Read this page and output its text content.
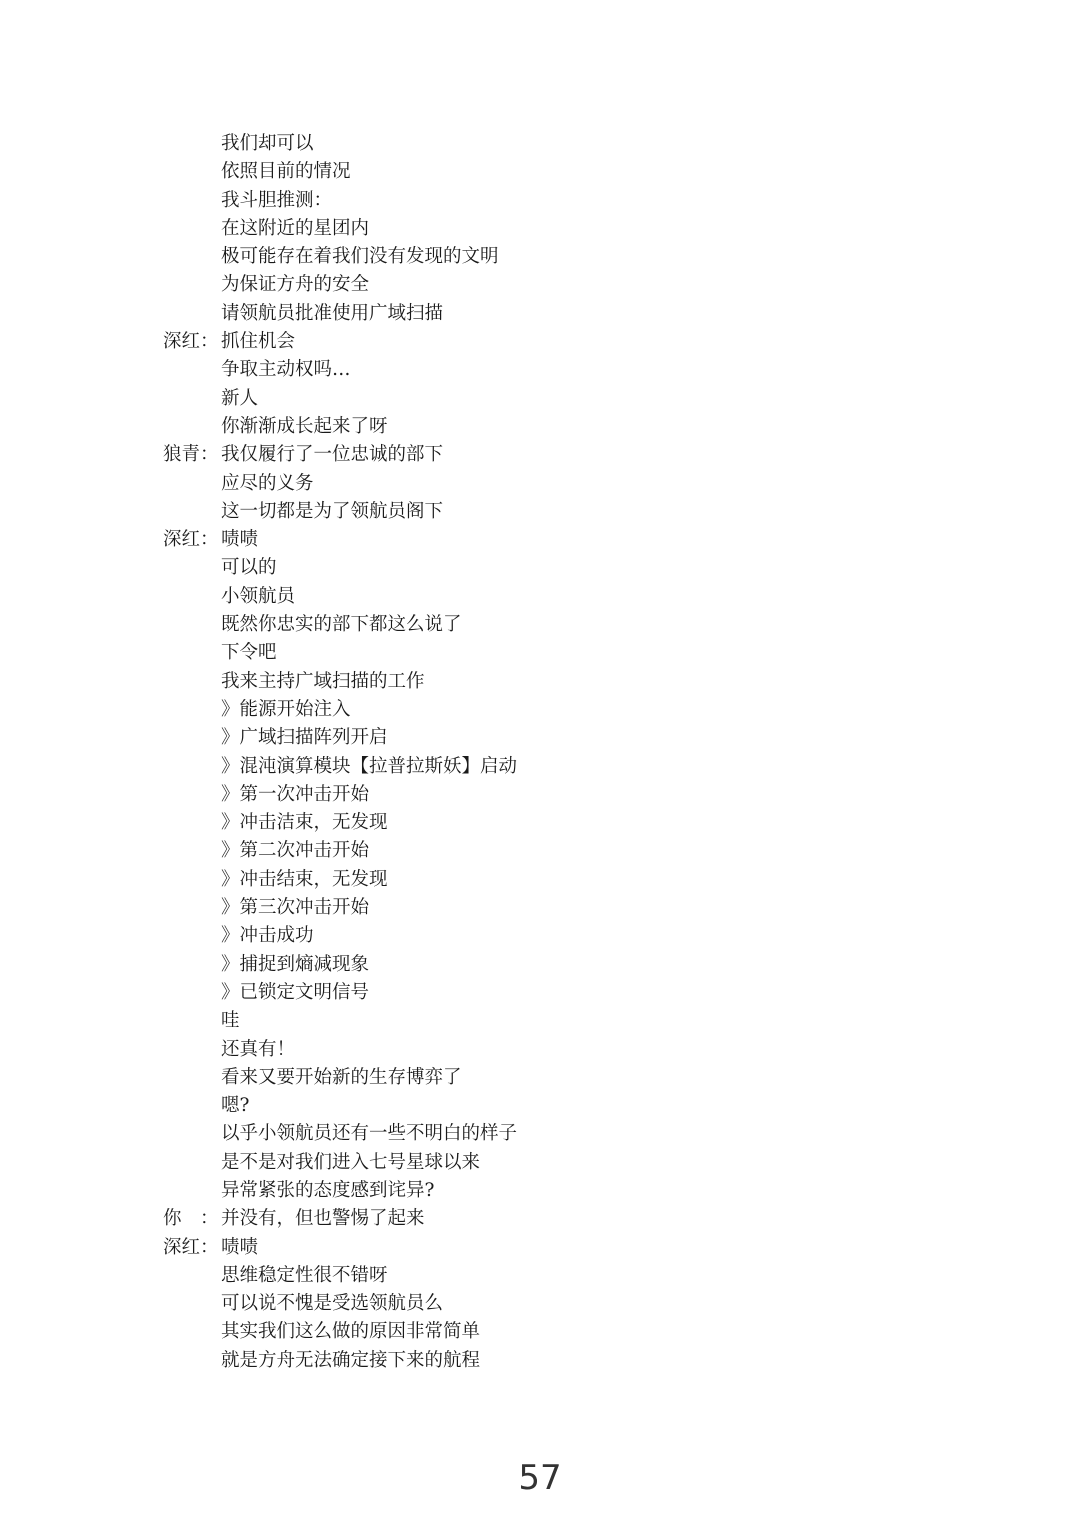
我们却可以
依照目前的情况
我斗胆推测：
在这附近的星团内
极可能存在着我们没有发现的文明
为保证方舟的安全
请领航员批准使用广域扫描
深红： 抓住机会
争取主动权吗…
新人
你渐渐成长起来了呀
狼青： 我仅履行了一位忠诚的部下
应尽的义务
这一切都是为了领航员阁下
深红： 啧啧
可以的
小领航员
既然你忠实的部下都这么说了
下令吧
我来主持广域扫描的工作
》能源开始注入
》广域扫描阵列开启
》混沌演算模块【拉普拉斯妖】启动
》第一次冲击开始
》冲击洁束，无发现
》第二次冲击开始
》冲击结束，无发现
》第三次冲击开始
》冲击成功
》捕捉到熵减现象
》已锁定文明信号
哇
还真有！
看来又要开始新的生存博弈了
嗯?
以乎小领航员还有一些不明白的样子
是不是对我们进入七号星球以来
异常紧张的态度感到诧异?
你　： 并没有，但也警惕了起来
深红： 啧啧
思维稳定性很不错呀
可以说不愧是受选领航员么
其实我们这么做的原因非常简单
就是方舟无法确定接下来的航程
57
